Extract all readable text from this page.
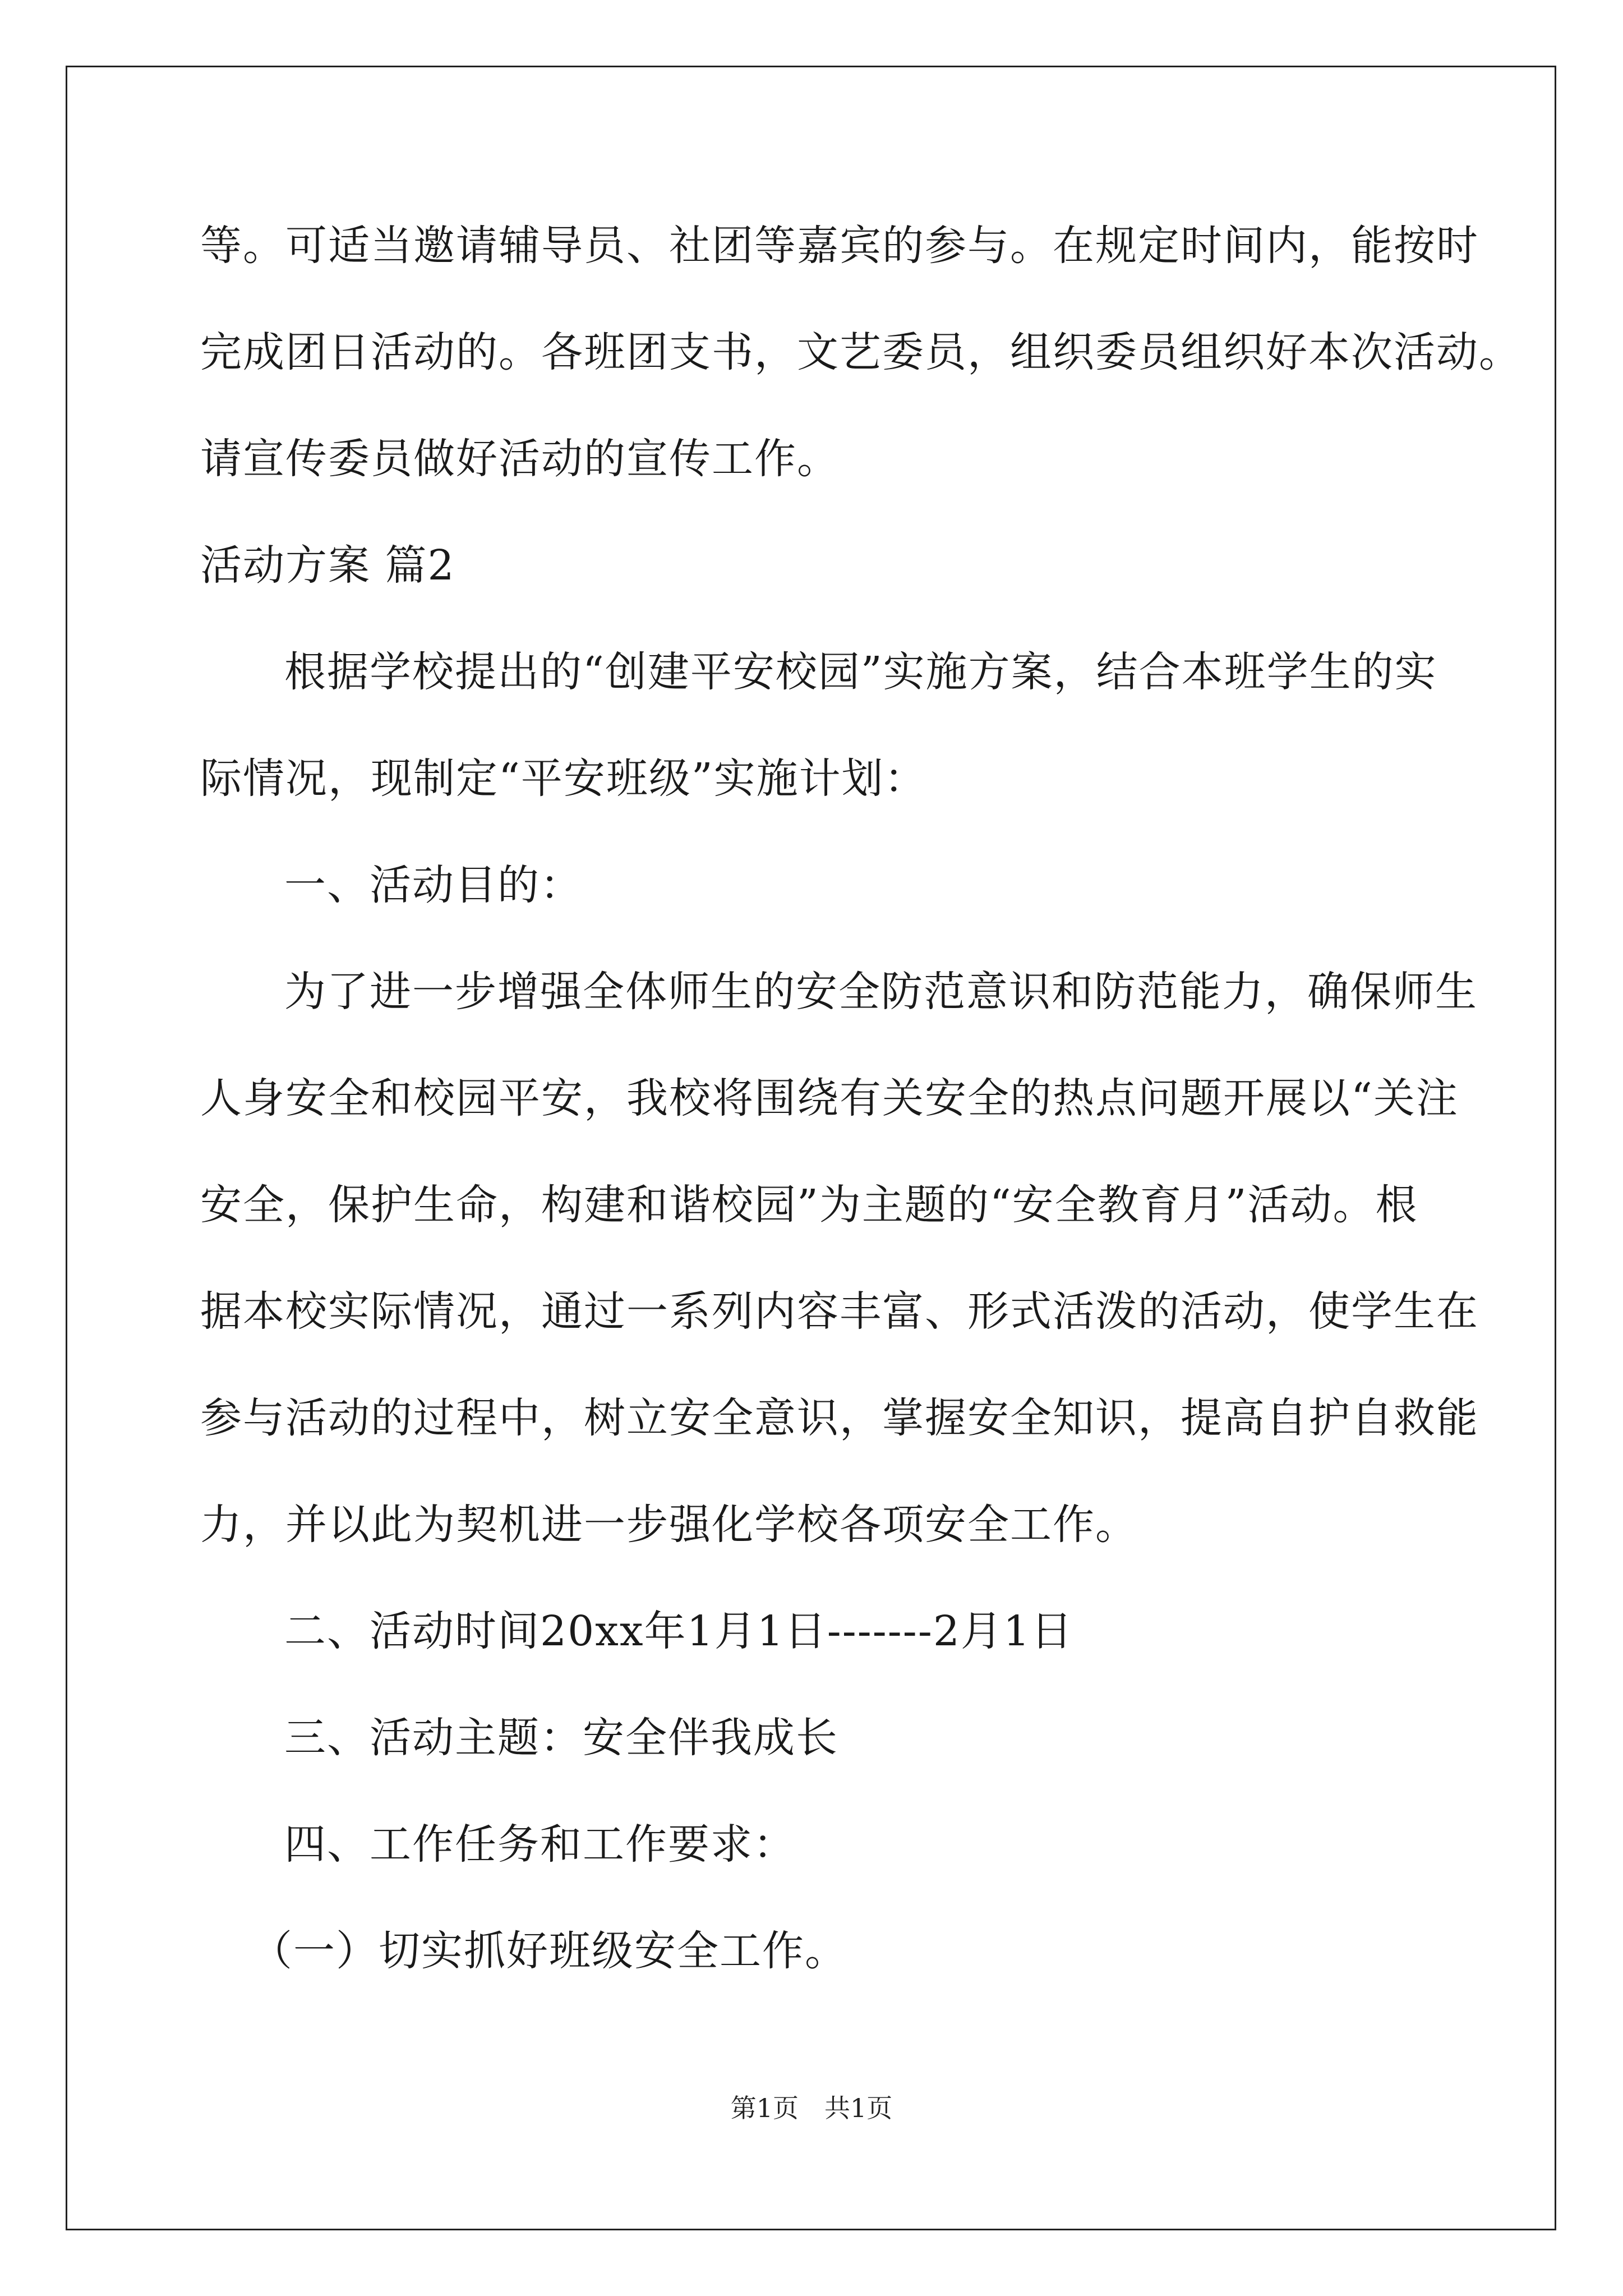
等。可适当邀请辅导员、社团等嘉宾的参与。在规定时间内，能按时
完成团日活动的。各班团支书，文艺委员，组织委员组织好本次活动。
请宣传委员做好活动的宣传工作。
活动方案 篇2
根据学校提出的“创建平安校园”实施方案，结合本班学生的实
际情况，现制定“平安班级”实施计划：
一、活动目的：
为了进一步增强全体师生的安全防范意识和防范能力，确保师生
人身安全和校园平安，我校将围绕有关安全的热点问题开展以“关注
安全，保护生命，构建和谐校园”为主题的“安全教育月”活动。根
据本校实际情况，通过一系列内容丰富、形式活泼的活动，使学生在
参与活动的过程中，树立安全意识，掌握安全知识，提高自护自救能
力，并以此为契机进一步强化学校各项安全工作。
二、活动时间20xx年1月1日-------2月1日
三、活动主题：安全伴我成长
四、工作任务和工作要求：
（一）切实抓好班级安全工作。
第1页　共1页
